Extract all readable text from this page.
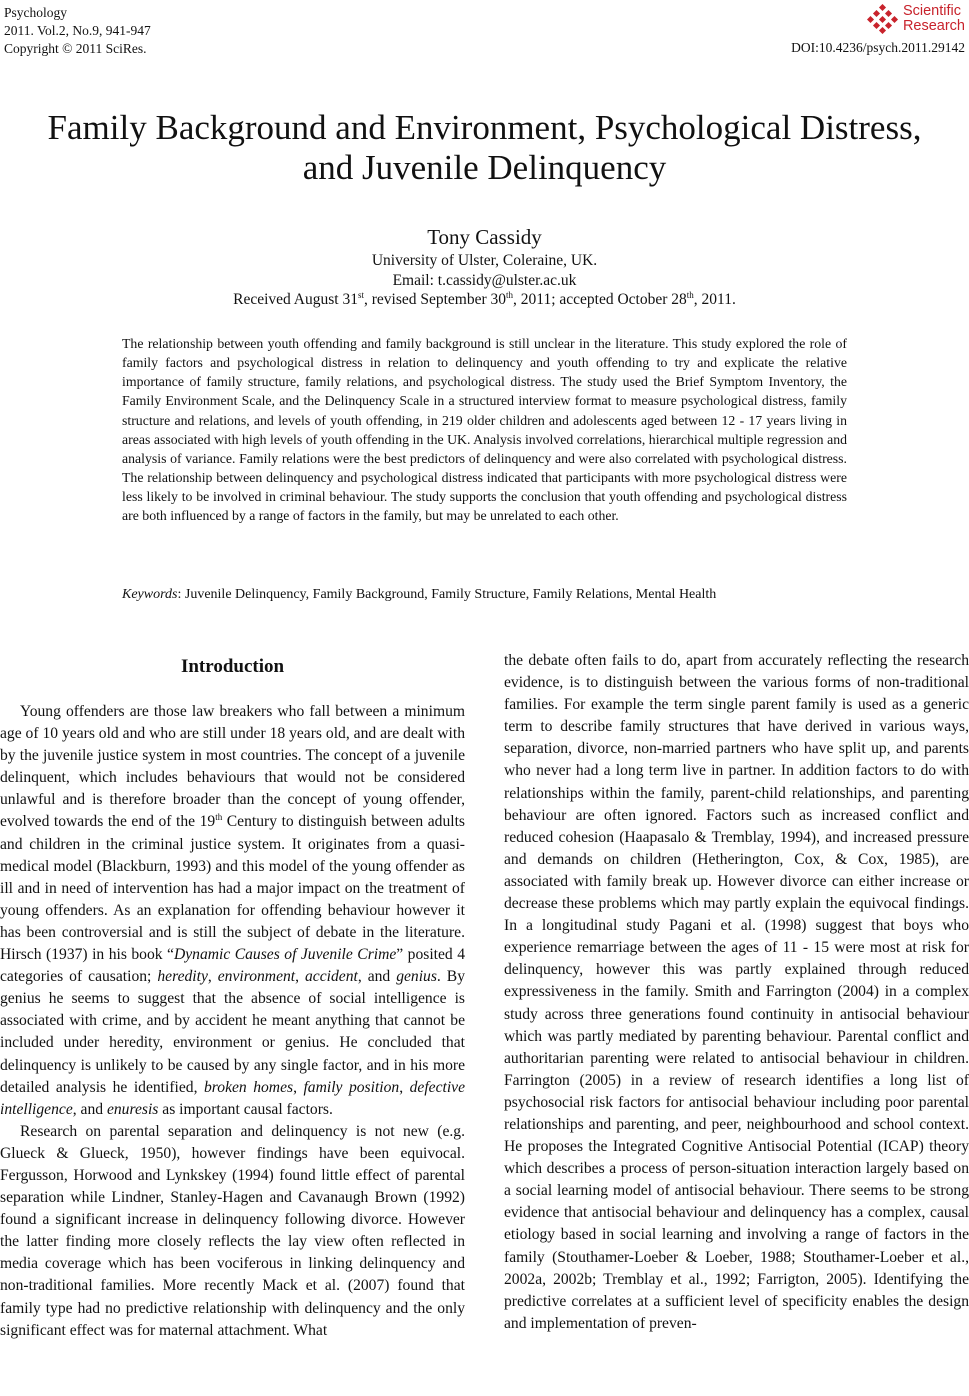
Psychology
2011. Vol.2, No.9, 941-947
Copyright © 2011 SciRes.
Scientific
Research
DOI:10.4236/psych.2011.29142
Family Background and Environment, Psychological Distress,
and Juvenile Delinquency
Tony Cassidy
University of Ulster, Coleraine, UK.
Email: t.cassidy@ulster.ac.uk
Received August 31st, revised September 30th, 2011; accepted October 28th, 2011.
The relationship between youth offending and family background is still unclear in the literature. This study explored the role of family factors and psychological distress in relation to delinquency and youth offending to try and explicate the relative importance of family structure, family relations, and psychological distress. The study used the Brief Symptom Inventory, the Family Environment Scale, and the Delinquency Scale in a structured interview format to measure psychological distress, family structure and relations, and levels of youth offending, in 219 older children and adolescents aged between 12 - 17 years living in areas associated with high levels of youth offending in the UK. Analysis involved correlations, hierarchical multiple regression and analysis of variance. Family relations were the best predictors of delinquency and were also correlated with psychological distress. The relationship between delinquency and psychological distress indicated that participants with more psychological distress were less likely to be involved in criminal behaviour. The study supports the conclusion that youth offending and psychological distress are both influenced by a range of factors in the family, but may be unrelated to each other.
Keywords: Juvenile Delinquency, Family Background, Family Structure, Family Relations, Mental Health
Introduction

Young offenders are those law breakers who fall between a minimum age of 10 years old and who are still under 18 years old, and are dealt with by the juvenile justice system in most countries. The concept of a juvenile delinquent, which includes behaviours that would not be considered unlawful and is therefore broader than the concept of young offender, evolved towards the end of the 19th Century to distinguish between adults and children in the criminal justice system. It originates from a quasi-medical model (Blackburn, 1993) and this model of the young offender as ill and in need of intervention has had a major impact on the treatment of young offenders. As an explanation for offending behaviour however it has been controversial and is still the subject of debate in the literature. Hirsch (1937) in his book “Dynamic Causes of Juvenile Crime” posited 4 categories of causation; heredity, environment, accident, and genius. By genius he seems to suggest that the absence of social intelligence is associated with crime, and by accident he meant anything that cannot be included under heredity, environment or genius. He concluded that delinquency is unlikely to be caused by any single factor, and in his more detailed analysis he identified, broken homes, family position, defective intelligence, and enuresis as important causal factors.

Research on parental separation and delinquency is not new (e.g. Glueck & Glueck, 1950), however findings have been equivocal. Fergusson, Horwood and Lynkskey (1994) found little effect of parental separation while Lindner, Stanley-Hagen and Cavanaugh Brown (1992) found a significant increase in delinquency following divorce. However the latter finding more closely reflects the lay view often reflected in media coverage which has been vociferous in linking delinquency and non-traditional families. More recently Mack et al. (2007) found that family type had no predictive relationship with delinquency and the only significant effect was for maternal attachment. What

the debate often fails to do, apart from accurately reflecting the research evidence, is to distinguish between the various forms of non-traditional families. For example the term single parent family is used as a generic term to describe family structures that have derived in various ways, separation, divorce, non-married partners who have split up, and parents who never had a long term live in partner. In addition factors to do with relationships within the family, parent-child relationships, and parenting behaviour are often ignored. Factors such as increased conflict and reduced cohesion (Haapasalo & Tremblay, 1994), and increased pressure and demands on children (Hetherington, Cox, & Cox, 1985), are associated with family break up. However divorce can either increase or decrease these problems which may partly explain the equivocal findings. In a longitudinal study Pagani et al. (1998) suggest that boys who experience remarriage between the ages of 11 - 15 were most at risk for delinquency, however this was partly explained through reduced expressiveness in the family. Smith and Farrington (2004) in a complex study across three generations found continuity in antisocial behaviour which was partly mediated by parenting behaviour. Parental conflict and authoritarian parenting were related to antisocial behaviour in children. Farrington (2005) in a review of research identifies a long list of psychosocial risk factors for antisocial behaviour including poor parental relationships and parenting, and peer, neighbourhood and school context. He proposes the Integrated Cognitive Antisocial Potential (ICAP) theory which describes a process of person-situation interaction largely based on a social learning model of antisocial behaviour. There seems to be strong evidence that antisocial behaviour and delinquency has a complex, causal etiology based in social learning and involving a range of factors in the family (Stouthamer-Loeber & Loeber, 1988; Stouthamer-Loeber et al., 2002a, 2002b; Tremblay et al., 1992; Farrigton, 2005). Identifying the predictive correlates at a sufficient level of specificity enables the design and implementation of preven-
